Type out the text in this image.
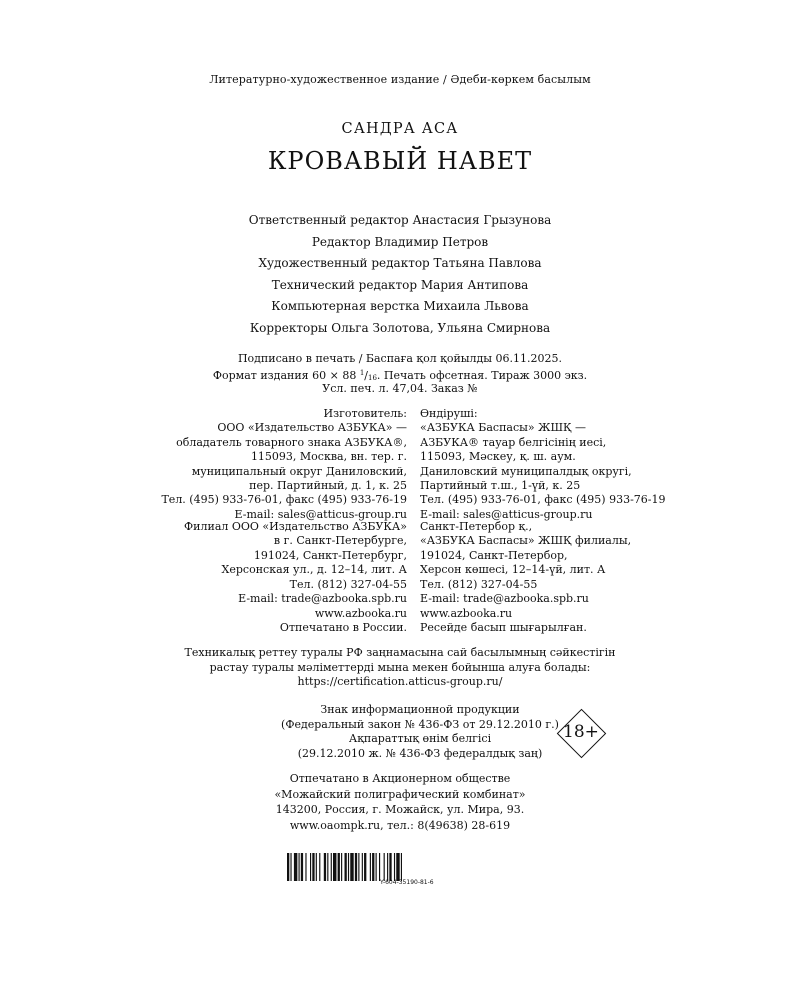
Литературно-художественное издание / Әдеби-көркем басылым
САНДРА АСА
КРОВАВЫЙ НАВЕТ
Ответственный редактор Анастасия Грызунова
Редактор Владимир Петров
Художественный редактор Татьяна Павлова
Технический редактор Мария Антипова
Компьютерная верстка Михаила Львова
Корректоры Ольга Золотова, Ульяна Смирнова
Подписано в печать / Баспаға қол қойылды 06.11.2025.
Формат издания 60 × 88 $^1/_{16}$. Печать офсетная. Тираж 3000 экз.
Усл. печ. л. 47,04. Заказ №
Изготовитель:
ООО «Издательство АЗБУКА» —
обладатель товарного знака АЗБУКА®,
115093, Москва, вн. тер. г.
муниципальный округ Даниловский,
пер. Партийный, д. 1, к. 25
Тел. (495) 933-76-01, факс (495) 933-76-19
E-mail: sales@atticus-group.ru
Өндіруші:
«АЗБУКА Баспасы» ЖШҚ —
АЗБУКА® тауар белгісінің иесі,
115093, Мәскеу, қ. ш. аум.
Даниловский муниципалдық округі,
Партийный т.ш., 1-үй, к. 25
Тел. (495) 933-76-01, факс (495) 933-76-19
E-mail: sales@atticus-group.ru
Филиал ООО «Издательство АЗБУКА»
в г. Санкт-Петербурге,
191024, Санкт-Петербург,
Херсонская ул., д. 12–14, лит. А
Тел. (812) 327-04-55
E-mail: trade@azbooka.spb.ru
Санкт-Петербор қ.,
«АЗБУКА Баспасы» ЖШҚ филиалы,
191024, Санкт-Петербор,
Херсон көшесі, 12–14-үй, лит. А
Тел. (812) 327-04-55
E-mail: trade@azbooka.spb.ru
www.azbooka.ru
Отпечатано в России.
www.azbooka.ru
Ресейде басып шығарылған.
Техникалық реттеу туралы РФ заңнамасына сай басылымның сәйкестігін
растау туралы мәліметтерді мына мекен бойынша алуға болады:
https://certification.atticus-group.ru/
Знак информационной продукции
(Федеральный закон № 436-ФЗ от 29.12.2010 г.)
Ақпараттық өнім белгісі
(29.12.2010 ж. № 436-ФЗ федералдық заң)
18+
Отпечатано в Акционерном обществе
«Можайский полиграфический комбинат»
143200, Россия, г. Можайск, ул. Мира, 93.
www.oaompk.ru, тел.: 8(49638) 28-619
Y-604-35190-81-6
